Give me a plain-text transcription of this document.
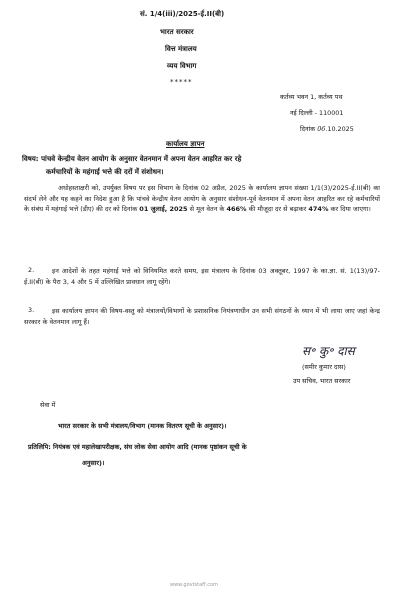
सं. 1/4(iii)/2025-ई.II(बी)
भारत सरकार
वित्त मंत्रालय
व्यय विभाग
*****
कर्तव्य भवन 1, कर्तव्य पथ
नई दिल्ली - 110001
दिनांक 06.10.2025
कार्यालय ज्ञापन
विषय: पांचवे केन्द्रीय वेतन आयोग के अनुसार वेतनमान में अपना वेतन आहरित कर रहे
कर्मचारियों के महंगाई भत्ते की दरों में संशोधन।
अधोहस्ताक्षरी को, उपर्युक्त विषय पर इस विभाग के दिनांक 02 अप्रैल, 2025 के कार्यालय ज्ञापन संख्या 1/1(3)/2025-ई.II(बी) का संदर्भ लेने और यह कहने का निदेश हुआ है कि पांचवे केन्द्रीय वेतन आयोग के अनुसार संशोधन-पूर्व वेतनमान में अपना वेतन आहरित कर रहे कर्मचारियों के संबंध में महंगाई भत्ते (डीए) की दर को दिनांक 01 जुलाई, 2025 से मूल वेतन के 466% की मौजूदा दर से बढ़ाकर 474% कर दिया जाएगा।
2.	इन आदेशों के तहत महंगाई भत्ते को विनियमित करते समय, इस मंत्रालय के दिनांक 03 अक्तूबर, 1997 के का.ज्ञा. सं. 1(13)/97-ई.II(बी) के पैरा 3, 4 और 5 में उल्लिखित प्रावधान लागू रहेंगे।
3.	इस कार्यालय ज्ञापन की विषय-वस्तु को मंत्रालयों/विभागों के प्रशासनिक नियंत्रणाधीन उन सभी संगठनों के ध्यान में भी लाया जाए जहां केन्द्र सरकार के वेतनमान लागू हैं।
स॰ कु॰ दास
(समीर कुमार दास)
उप सचिव, भारत सरकार
सेवा में
भारत सरकार के सभी मंत्रालय/विभाग (मानक वितरण सूची के अनुसार)।
प्रतिलिपि: नियंत्रक एवं महालेखापरीक्षक, संघ लोक सेवा आयोग आदि (मानक पृष्ठांकन सूची के
अनुसार)।
www.govtstaff.com
